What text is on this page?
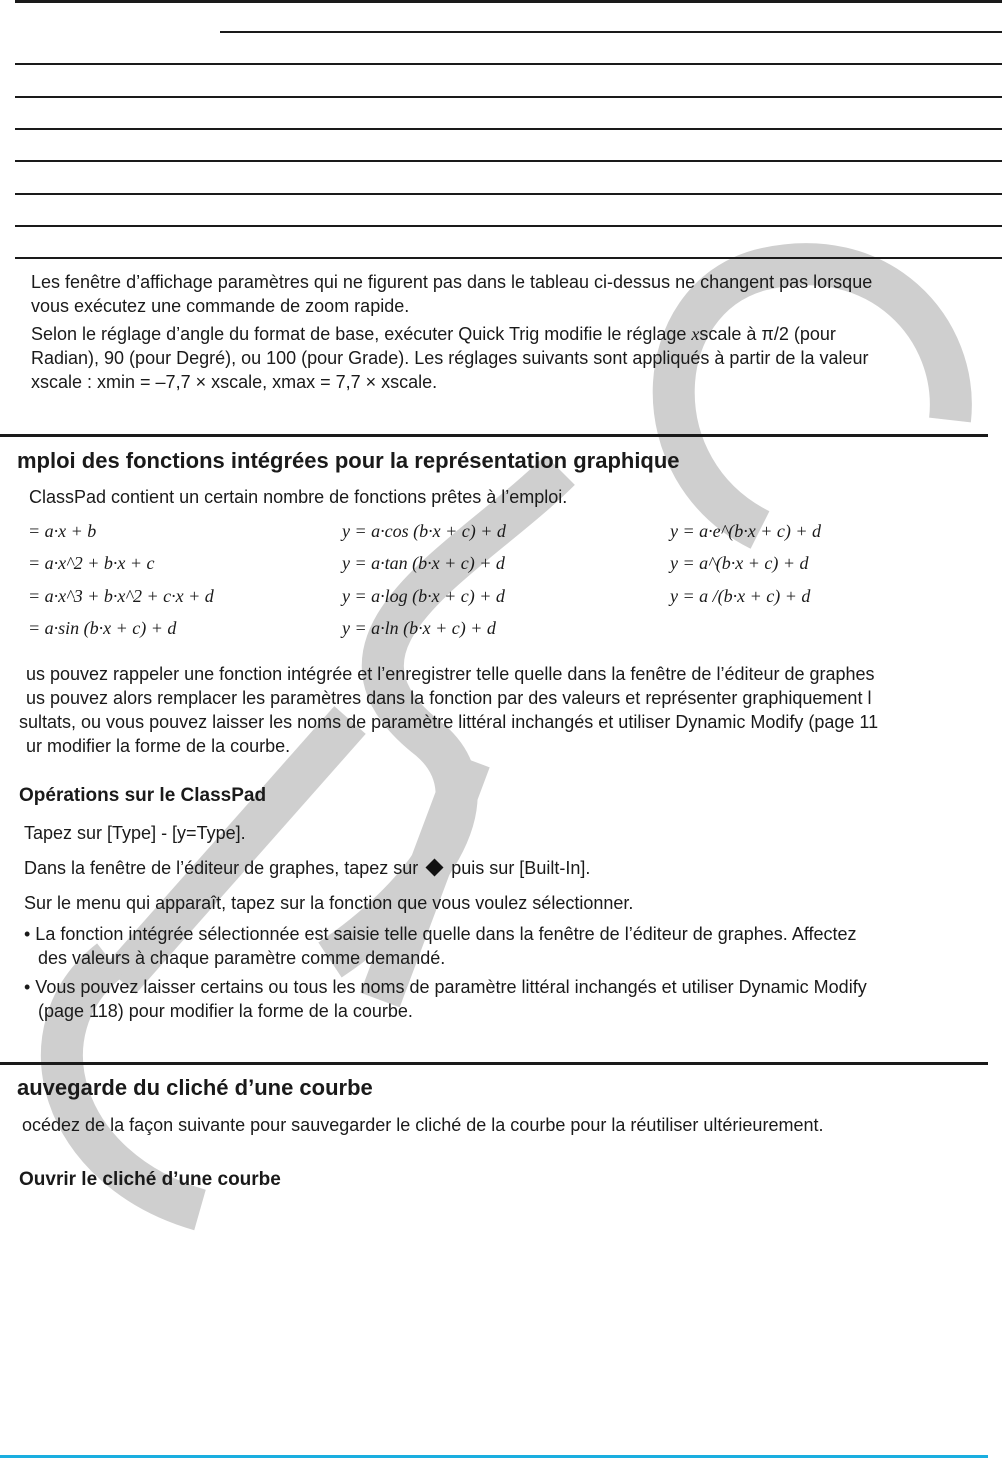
Les fenêtre d’affichage paramètres qui ne figurent pas dans le tableau ci-dessus ne changent pas lorsque
vous exécutez une commande de zoom rapide.
Selon le réglage d’angle du format de base, exécuter Quick Trig modifie le réglage xscale à π/2 (pour
Radian), 90 (pour Degré), ou 100 (pour Grade). Les réglages suivants sont appliqués à partir de la valeur
xscale : xmin = –7,7 × xscale, xmax = 7,7 × xscale.
mploi des fonctions intégrées pour la représentation graphique
ClassPad contient un certain nombre de fonctions prêtes à l’emploi.
= a·x + b	y = a·cos (b·x + c) + d	y = a·e^(b·x + c) + d
= a·x^2 + b·x + c	y = a·tan (b·x + c) + d	y = a^(b·x + c) + d
= a·x^3 + b·x^2 + c·x + d	y = a·log (b·x + c) + d	y = a /(b·x + c) + d
= a·sin (b·x + c) + d	y = a·ln (b·x + c) + d
us pouvez rappeler une fonction intégrée et l’enregistrer telle quelle dans la fenêtre de l’éditeur de graphes
us pouvez alors remplacer les paramètres dans la fonction par des valeurs et représenter graphiquement l
sultats, ou vous pouvez laisser les noms de paramètre littéral inchangés et utiliser Dynamic Modify (page 11
ur modifier la forme de la courbe.
Opérations sur le ClassPad
Tapez sur [Type] - [y=Type].
Dans la fenêtre de l’éditeur de graphes, tapez sur puis sur [Built-In].
Sur le menu qui apparaît, tapez sur la fonction que vous voulez sélectionner.
• La fonction intégrée sélectionnée est saisie telle quelle dans la fenêtre de l’éditeur de graphes. Affectez
des valeurs à chaque paramètre comme demandé.
• Vous pouvez laisser certains ou tous les noms de paramètre littéral inchangés et utiliser Dynamic Modify
(page 118) pour modifier la forme de la courbe.
auvegarde du cliché d’une courbe
océdez de la façon suivante pour sauvegarder le cliché de la courbe pour la réutiliser ultérieurement.
Ouvrir le cliché d’une courbe
